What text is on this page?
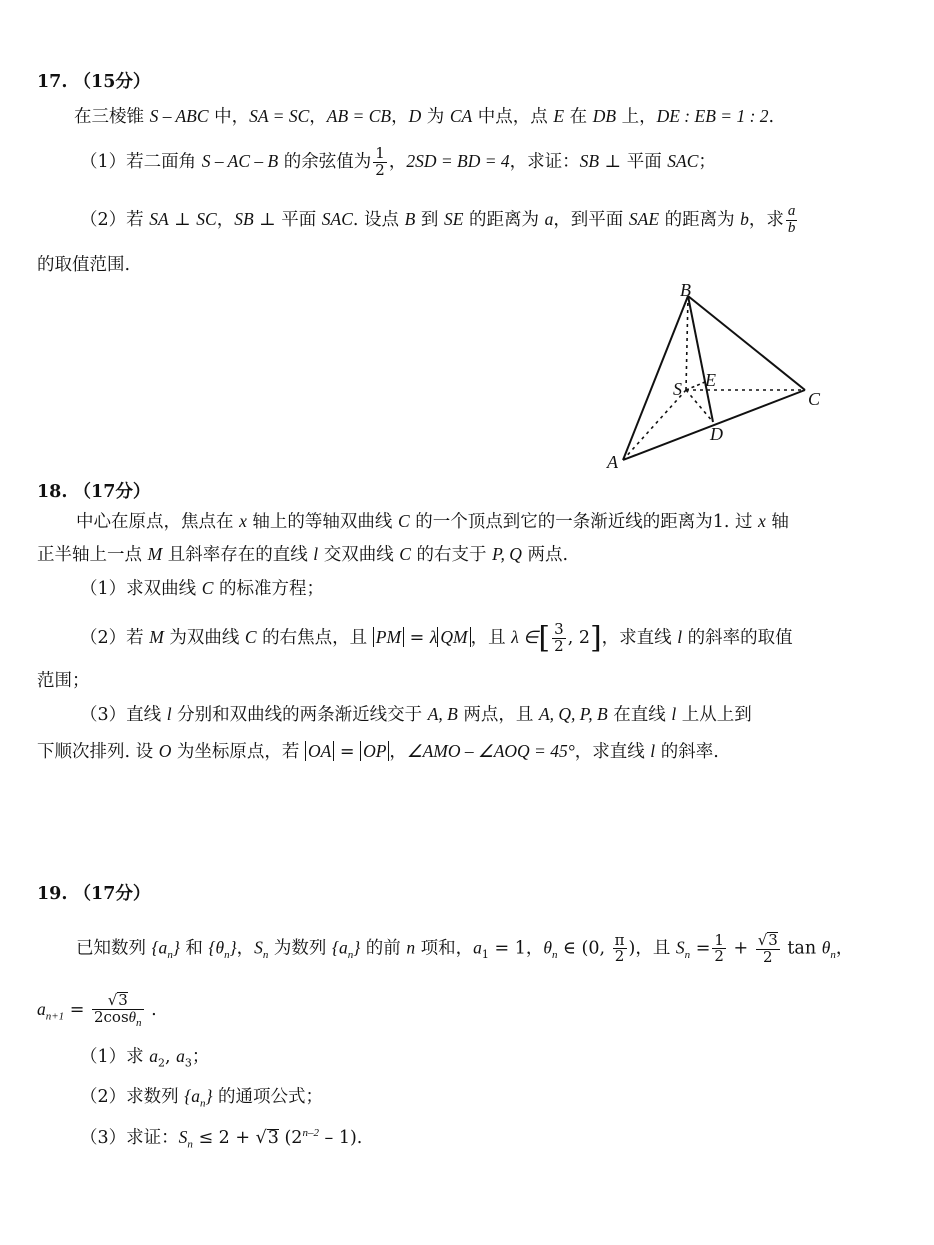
17. （15分）
在三棱锥 S – ABC 中，SA = SC，AB = CB，D 为 CA 中点，点 E 在 DB 上，DE : EB = 1 : 2.
（1）若二面角 S – AC – B 的余弦值为 $\frac{1}{2}$ ，2SD = BD = 4，求证：SB ⊥ 平面 SAC；
（2）若 SA ⊥ SC，SB ⊥ 平面 SAC. 设点 B 到 SE 的距离为 a，到平面 SAE 的距离为 b，求 $\frac{a}{b}$
的取值范围.
B
E
S	C
D
A
18. （17分）
中心在原点，焦点在 x 轴上的等轴双曲线 C 的一个顶点到它的一条渐近线的距离为1. 过 x 轴
正半轴上一点 M 且斜率存在的直线 l 交双曲线 C 的右支于 P, Q 两点.
（1）求双曲线 C 的标准方程；
（2）若 M 为双曲线 C 的右焦点，且 PM = λ QM ，且 λ ∈[ $\frac{3}{2}$ , 2]，求直线 l 的斜率的取值
范围；
（3）直线 l 分别和双曲线的两条渐近线交于 A, B 两点，且 A, Q, P, B 在直线 l 上从上到
下顺次排列. 设 O 为坐标原点，若 OA = OP ，∠AMO – ∠AOQ = 45°，求直线 l 的斜率.
19. （17分）
已知数列 $\{a_n\}$ 和 $\{\theta_n\}$，$S_n$ 为数列 $\{a_n\}$ 的前 n 项和，$a_1 = 1$，$\theta_n$ ∈ (0, $\frac{\pi}{2}$ )，且 $S_n = \frac{1}{2} + \frac{√3}{2}$ $\tan \theta_n$，
$a_{n+1} = \frac{√3}{2\cos\theta_n}$ .
（1）求 $a_2$, $a_3$；
（2）求数列 $\{a_n\}$ 的通项公式；
（3）求证：$S_n \le 2 + √3$ (2$^{n-2}$ – 1).
